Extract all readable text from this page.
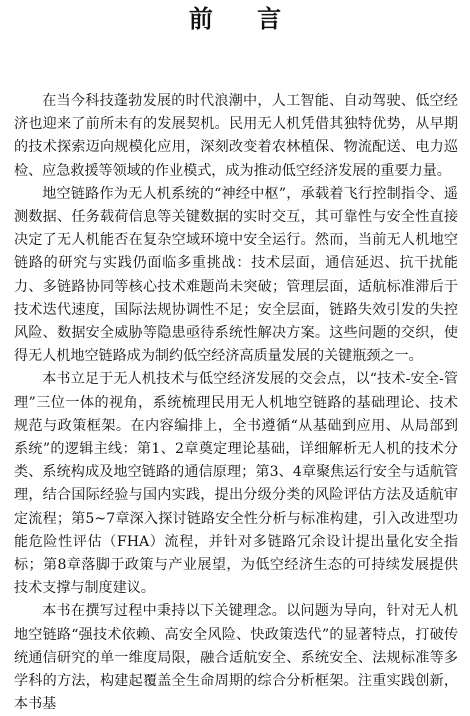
前 言

在当今科技蓬勃发展的时代浪潮中，人工智能、自动驾驶、低空经济也迎来了前所未有的发展契机。民用无人机凭借其独特优势，从早期的技术探索迈向规模化应用，深刻改变着农林植保、物流配送、电力巡检、应急救援等领域的作业模式，成为推动低空经济发展的重要力量。

地空链路作为无人机系统的“神经中枢”，承载着飞行控制指令、遥测数据、任务载荷信息等关键数据的实时交互，其可靠性与安全性直接决定了无人机能否在复杂空域环境中安全运行。然而，当前无人机地空链路的研究与实践仍面临多重挑战：技术层面，通信延迟、抗干扰能力、多链路协同等核心技术难题尚未突破；管理层面，适航标准滞后于技术迭代速度，国际法规协调性不足；安全层面，链路失效引发的失控风险、数据安全威胁等隐患亟待系统性解决方案。这些问题的交织，使得无人机地空链路成为制约低空经济高质量发展的关键瓶颈之一。

本书立足于无人机技术与低空经济发展的交会点，以“技术-安全-管理”三位一体的视角，系统梳理民用无人机地空链路的基础理论、技术规范与政策框架。在内容编排上，全书遵循“从基础到应用、从局部到系统”的逻辑主线：第1、2章奠定理论基础，详细解析无人机的技术分类、系统构成及地空链路的通信原理；第3、4章聚焦运行安全与适航管理，结合国际经验与国内实践，提出分级分类的风险评估方法及适航审定流程；第5~7章深入探讨链路安全性分析与标准构建，引入改进型功能危险性评估（FHA）流程，并针对多链路冗余设计提出量化安全指标；第8章落脚于政策与产业展望，为低空经济生态的可持续发展提供技术支撑与制度建议。

本书在撰写过程中秉持以下关键理念。以问题为导向，针对无人机地空链路“强技术依赖、高安全风险、快政策迭代”的显著特点，打破传统通信研究的单一维度局限，融合适航安全、系统安全、法规标准等多学科的方法，构建起覆盖全生命周期的综合分析框架。注重实践创新，本书基
